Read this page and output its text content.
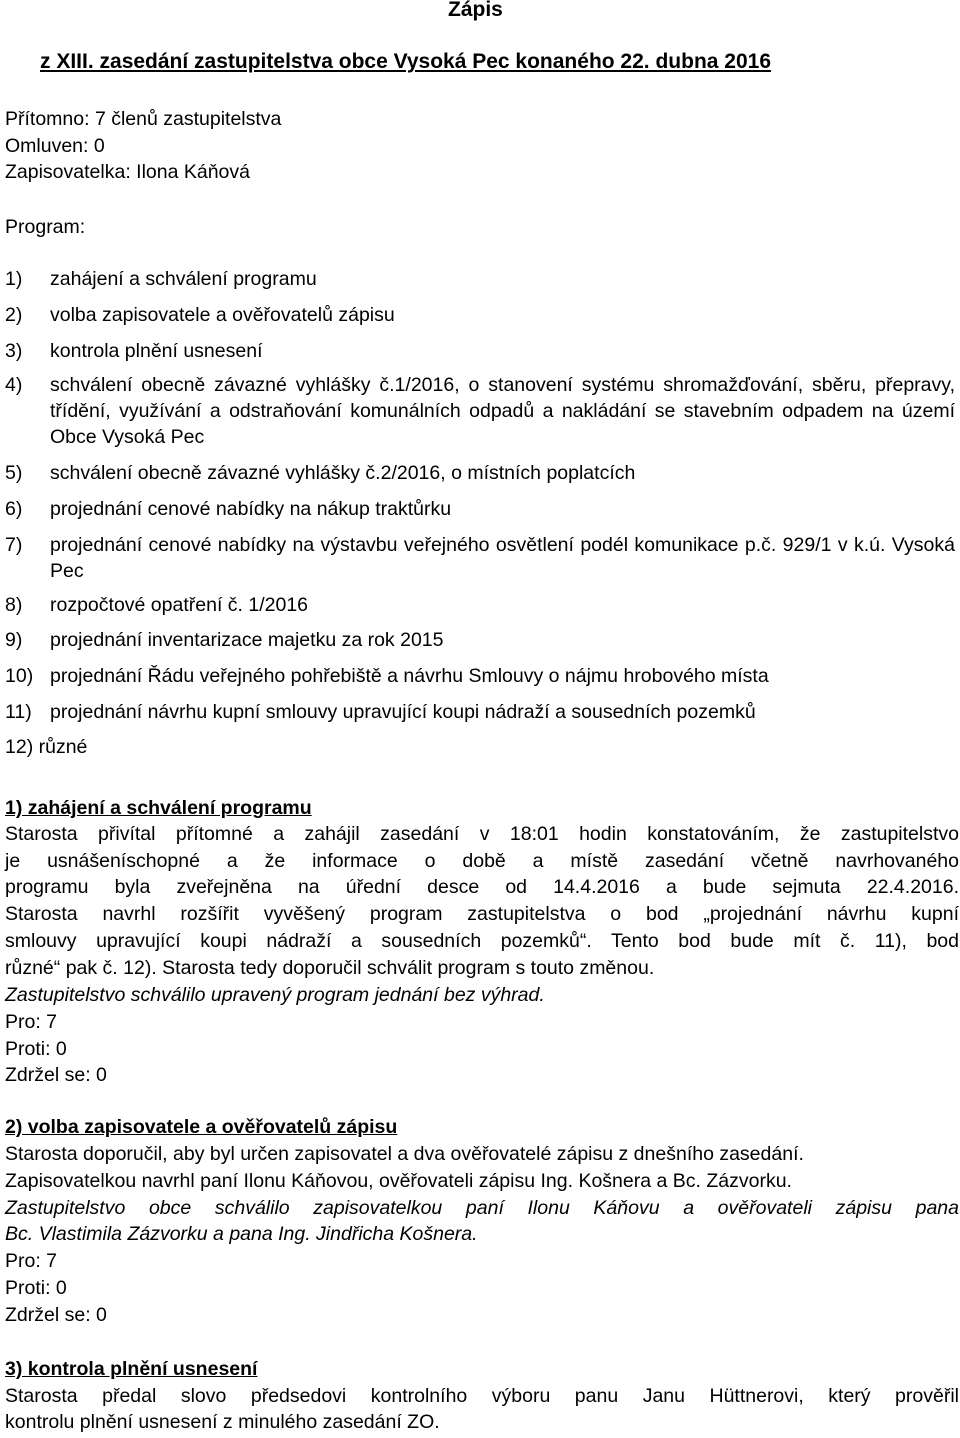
Zápis
z XIII. zasedání zastupitelstva obce Vysoká Pec konaného 22. dubna 2016
Přítomno: 7 členů zastupitelstva
Omluven: 0
Zapisovatelka: Ilona Káňová
Program:
1) zahájení a schválení programu
2) volba zapisovatele a ověřovatelů zápisu
3) kontrola plnění usnesení
4) schválení obecně závazné vyhlášky č.1/2016, o stanovení systému shromažďování, sběru, přepravy, třídění, využívání a odstraňování komunálních odpadů a nakládání se stavebním odpadem na území Obce Vysoká Pec
5) schválení obecně závazné vyhlášky č.2/2016, o místních poplatcích
6) projednání cenové nabídky na nákup traktůrku
7) projednání cenové nabídky na výstavbu veřejného osvětlení podél komunikace p.č. 929/1 v k.ú. Vysoká Pec
8) rozpočtové opatření č. 1/2016
9) projednání inventarizace majetku za rok 2015
10) projednání Řádu veřejného pohřebiště a návrhu Smlouvy o nájmu hrobového místa
11) projednání návrhu kupní smlouvy upravující koupi nádraží a sousedních pozemků
12) různé
1) zahájení a schválení programu
Starosta přivítal přítomné a zahájil zasedání v 18:01 hodin konstatováním, že zastupitelstvo
je usnášeníschopné a že informace o době a místě zasedání včetně navrhovaného
programu byla zveřejněna na úřední desce od 14.4.2016 a bude sejmuta 22.4.2016.
Starosta navrhl rozšířit vyvěšený program zastupitelstva o bod „projednání návrhu kupní
smlouvy upravující koupi nádraží a sousedních pozemků“. Tento bod bude mít č. 11), bod
různé“ pak č. 12). Starosta tedy doporučil schválit program s touto změnou.
Zastupitelstvo schválilo upravený program jednání bez výhrad.
Pro: 7
Proti: 0
Zdržel se: 0
2) volba zapisovatele a ověřovatelů zápisu
Starosta doporučil, aby byl určen zapisovatel a dva ověřovatelé zápisu z dnešního zasedání.
Zapisovatelkou navrhl paní Ilonu Káňovou, ověřovateli zápisu Ing. Košnera a Bc. Zázvorku.
Zastupitelstvo obce schválilo zapisovatelkou paní Ilonu Káňovu a ověřovateli zápisu pana
Bc. Vlastimila Zázvorku a pana Ing. Jindřicha Košnera.
Pro: 7
Proti: 0
Zdržel se: 0
3) kontrola plnění usnesení
Starosta předal slovo předsedovi kontrolního výboru panu Janu Hüttnerovi, který prověřil
kontrolu plnění usnesení z minulého zasedání ZO.
